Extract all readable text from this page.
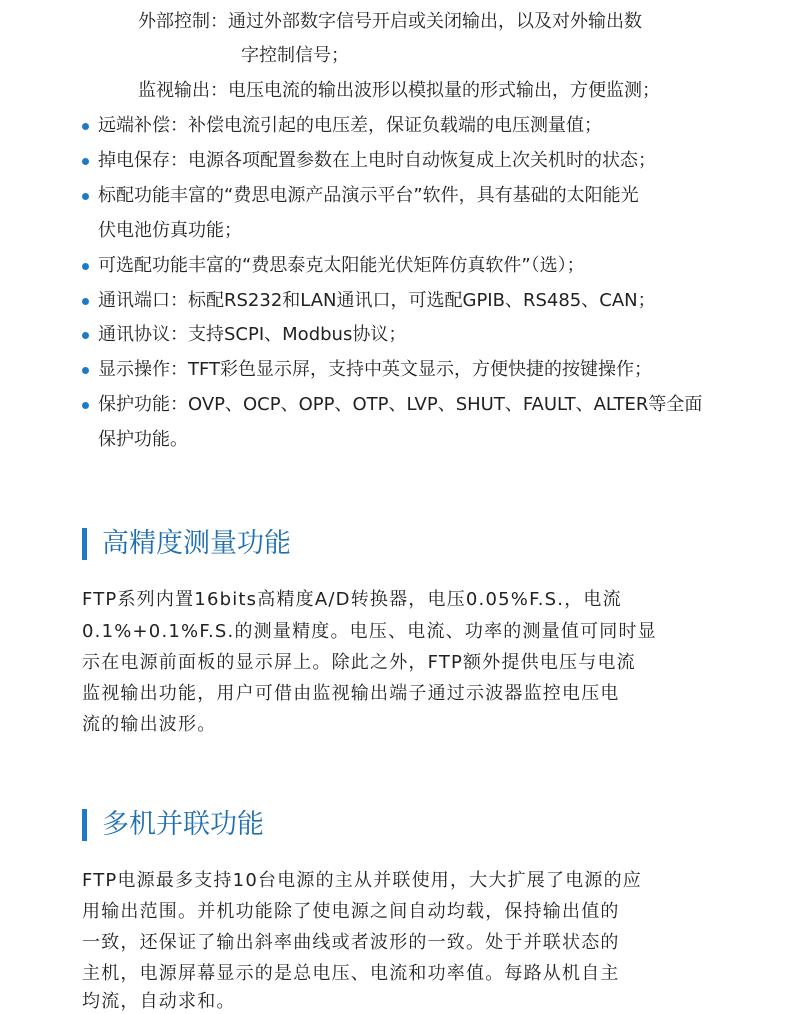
外部控制：通过外部数字信号开启或关闭输出，以及对外输出数
字控制信号；
监视输出：电压电流的输出波形以模拟量的形式输出，方便监测；
远端补偿：补偿电流引起的电压差，保证负载端的电压测量值；
掉电保存：电源各项配置参数在上电时自动恢复成上次关机时的状态；
标配功能丰富的“费思电源产品演示平台”软件，具有基础的太阳能光
伏电池仿真功能；
可选配功能丰富的“费思泰克太阳能光伏矩阵仿真软件”（选）；
通讯端口：标配RS232和LAN通讯口，可选配GPIB、RS485、CAN；
通讯协议：支持SCPI、Modbus协议；
显示操作：TFT彩色显示屏，支持中英文显示，方便快捷的按键操作；
保护功能：OVP、OCP、OPP、OTP、LVP、SHUT、FAULT、ALTER等全面
保护功能。
高精度测量功能
FTP系列内置16bits高精度A/D转换器，电压0.05%F.S.，电流
0.1%+0.1%F.S.的测量精度。电压、电流、功率的测量值可同时显
示在电源前面板的显示屏上。除此之外，FTP额外提供电压与电流
监视输出功能，用户可借由监视输出端子通过示波器监控电压电
流的输出波形。
多机并联功能
FTP电源最多支持10台电源的主从并联使用，大大扩展了电源的应
用输出范围。并机功能除了使电源之间自动均载，保持输出值的
一致，还保证了输出斜率曲线或者波形的一致。处于并联状态的
主机，电源屏幕显示的是总电压、电流和功率值。每路从机自主
均流，自动求和。
